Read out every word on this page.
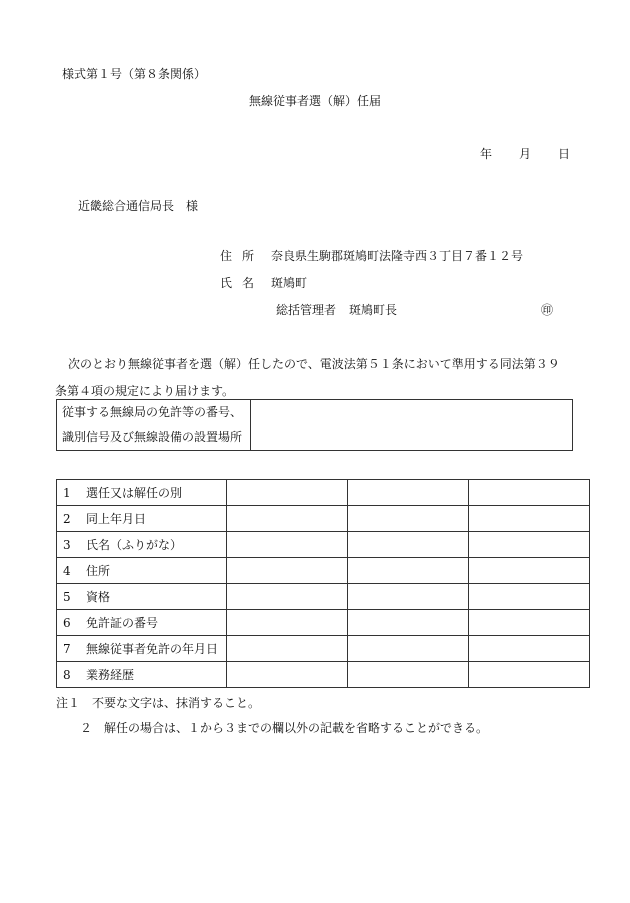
様式第１号（第８条関係）
無線従事者選（解）任届
年 月 日
近畿総合通信局長　様
住所 奈良県生駒郡斑鳩町法隆寺西３丁目７番１２号
氏名 斑鳩町
総括管理者 斑鳩町長	㊞
次のとおり無線従事者を選（解）任したので、電波法第５１条において準用する同法第３９条第４項の規定により届けます。
従事する無線局の免許等の番号、
識別信号及び無線設備の設置場所

1	選任又は解任の別			
2	同上年月日			
3	氏名（ふりがな）			
4	住所			
5	資格			
6	免許証の番号			
7	無線従事者免許の年月日			
8	業務経歴			
注１　不要な文字は、抹消すること。
２　解任の場合は、１から３までの欄以外の記載を省略することができる。
